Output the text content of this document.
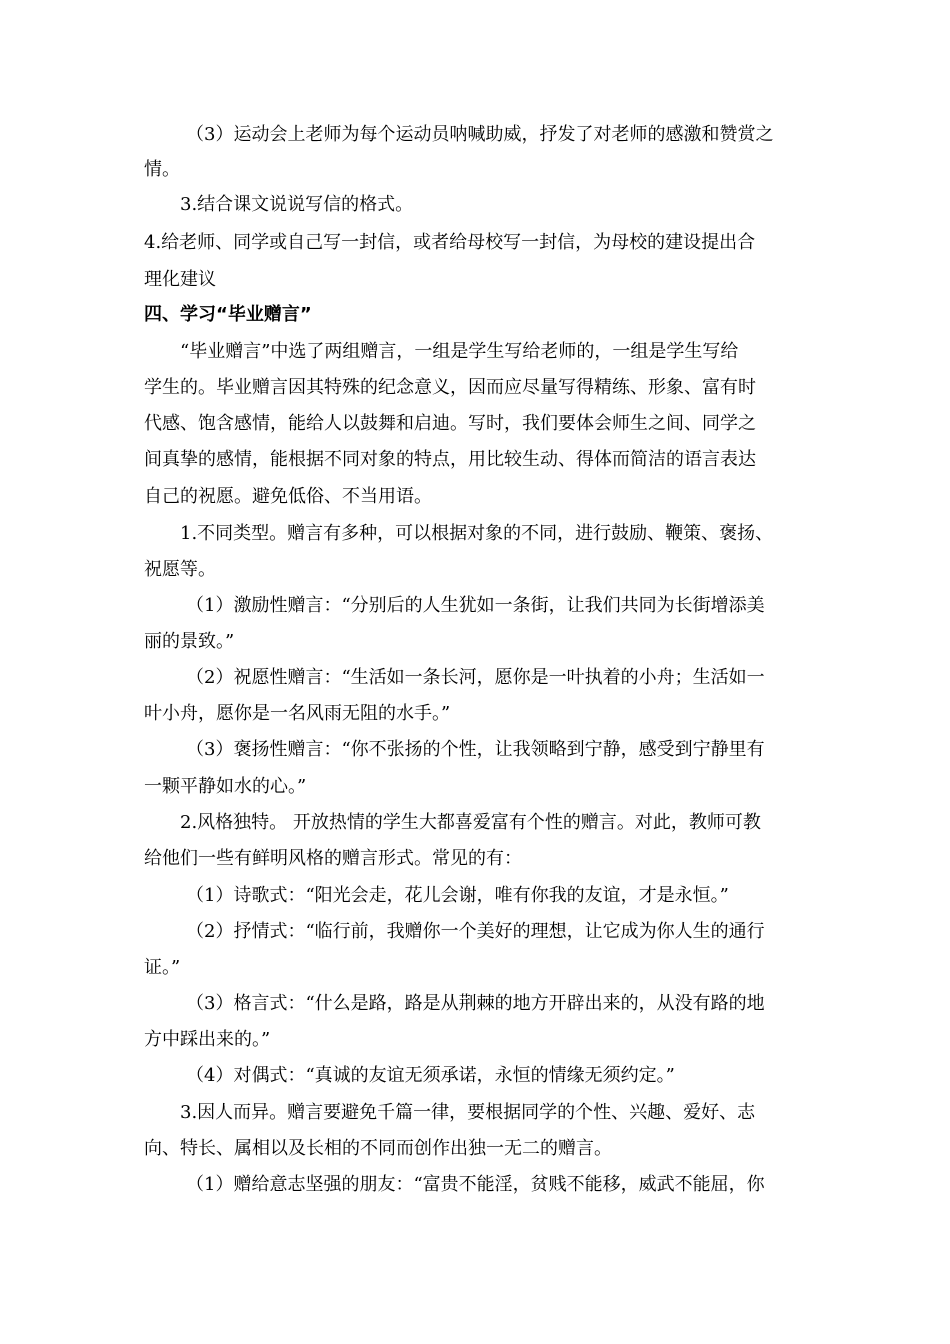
（3）运动会上老师为每个运动员呐喊助威，抒发了对老师的感激和赞赏之
情。
3.结合课文说说写信的格式。
4.给老师、同学或自己写一封信，或者给母校写一封信，为母校的建设提出合
理化建议
四、学习“毕业赠言”
“毕业赠言”中选了两组赠言，一组是学生写给老师的，一组是学生写给
学生的。毕业赠言因其特殊的纪念意义，因而应尽量写得精练、形象、富有时
代感、饱含感情，能给人以鼓舞和启迪。写时，我们要体会师生之间、同学之
间真挚的感情，能根据不同对象的特点，用比较生动、得体而简洁的语言表达
自己的祝愿。避免低俗、不当用语。
1.不同类型。赠言有多种，可以根据对象的不同，进行鼓励、鞭策、褒扬、
祝愿等。
（1）激励性赠言：“分别后的人生犹如一条街，让我们共同为长街增添美
丽的景致。”
（2）祝愿性赠言：“生活如一条长河，愿你是一叶执着的小舟；生活如一
叶小舟，愿你是一名风雨无阻的水手。”
（3）褒扬性赠言：“你不张扬的个性，让我领略到宁静，感受到宁静里有
一颗平静如水的心。”
2.风格独特。 开放热情的学生大都喜爱富有个性的赠言。对此，教师可教
给他们一些有鲜明风格的赠言形式。常见的有：
（1）诗歌式：“阳光会走，花儿会谢，唯有你我的友谊，才是永恒。”
（2）抒情式：“临行前，我赠你一个美好的理想，让它成为你人生的通行
证。”
（3）格言式：“什么是路，路是从荆棘的地方开辟出来的，从没有路的地
方中踩出来的。”
（4）对偶式：“真诚的友谊无须承诺，永恒的情缘无须约定。”
3.因人而异。赠言要避免千篇一律，要根据同学的个性、兴趣、爱好、志
向、特长、属相以及长相的不同而创作出独一无二的赠言。
（1）赠给意志坚强的朋友：“富贵不能淫，贫贱不能移，威武不能屈，你
